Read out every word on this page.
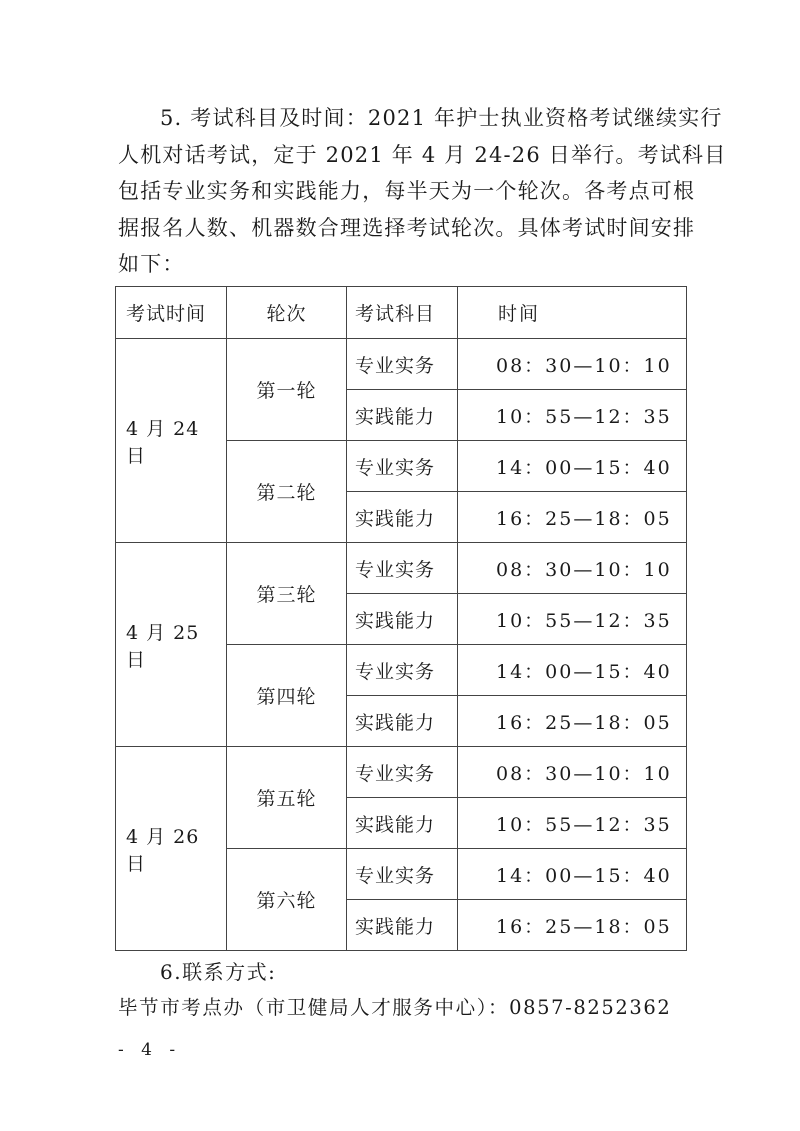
5. 考试科目及时间：2021 年护士执业资格考试继续实行
人机对话考试，定于 2021 年 4 月 24-26 日举行。考试科目
包括专业实务和实践能力，每半天为一个轮次。各考点可根
据报名人数、机器数合理选择考试轮次。具体考试时间安排
如下：
考试时间	轮次	考试科目	时间
4 月 24 日	第一轮	专业实务	08：30—10：10
		实践能力	10：55—12：35
	第二轮	专业实务	14：00—15：40
		实践能力	16：25—18：05
4 月 25 日	第三轮	专业实务	08：30—10：10
		实践能力	10：55—12：35
	第四轮	专业实务	14：00—15：40
		实践能力	16：25—18：05
4 月 26 日	第五轮	专业实务	08：30—10：10
		实践能力	10：55—12：35
	第六轮	专业实务	14：00—15：40
		实践能力	16：25—18：05
6.联系方式:
毕节市考点办（市卫健局人才服务中心）：0857-8252362
- 4 -
